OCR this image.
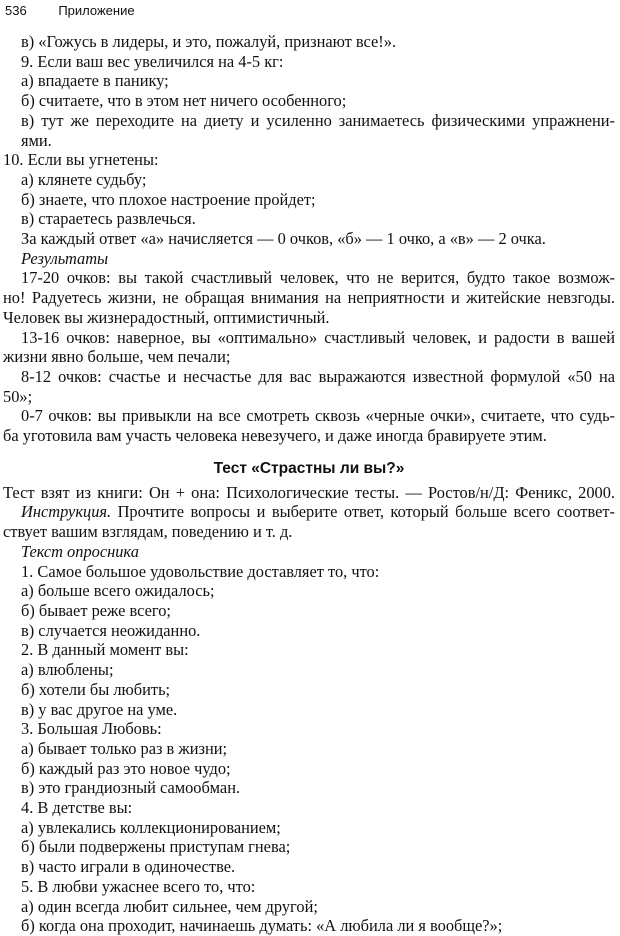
536 Приложение
в) «Гожусь в лидеры, и это, пожалуй, признают все!».
9. Если ваш вес увеличился на 4-5 кг:
а) впадаете в панику;
б) считаете, что в этом нет ничего особенного;
в) тут же переходите на диету и усиленно занимаетесь физическими упражнени-
ями.
10. Если вы угнетены:
а) клянете судьбу;
б) знаете, что плохое настроение пройдет;
в) стараетесь развлечься.
За каждый ответ «а» начисляется — 0 очков, «б» — 1 очко, а «в» — 2 очка.
Результаты
17-20 очков: вы такой счастливый человек, что не верится, будто такое возмож-
но! Радуетесь жизни, не обращая внимания на неприятности и житейские невзгоды.
Человек вы жизнерадостный, оптимистичный.
13-16 очков: наверное, вы «оптимально» счастливый человек, и радости в вашей
жизни явно больше, чем печали;
8-12 очков: счастье и несчастье для вас выражаются известной формулой «50 на
50»;
0-7 очков: вы привыкли на все смотреть сквозь «черные очки», считаете, что судь-
ба уготовила вам участь человека невезучего, и даже иногда бравируете этим.
Тест «Страстны ли вы?»
Тест взят из книги: Он + она: Психологические тесты. — Ростов/н/Д: Феникс, 2000.
Инструкция. Прочтите вопросы и выберите ответ, который больше всего соответ-
ствует вашим взглядам, поведению и т. д.
Текст опросника
1. Самое большое удовольствие доставляет то, что:
а) больше всего ожидалось;
б) бывает реже всего;
в) случается неожиданно.
2. В данный момент вы:
а) влюблены;
б) хотели бы любить;
в) у вас другое на уме.
3. Большая Любовь:
а) бывает только раз в жизни;
б) каждый раз это новое чудо;
в) это грандиозный самообман.
4. В детстве вы:
а) увлекались коллекционированием;
б) были подвержены приступам гнева;
в) часто играли в одиночестве.
5. В любви ужаснее всего то, что:
а) один всегда любит сильнее, чем другой;
б) когда она проходит, начинаешь думать: «А любила ли я вообще?»;
